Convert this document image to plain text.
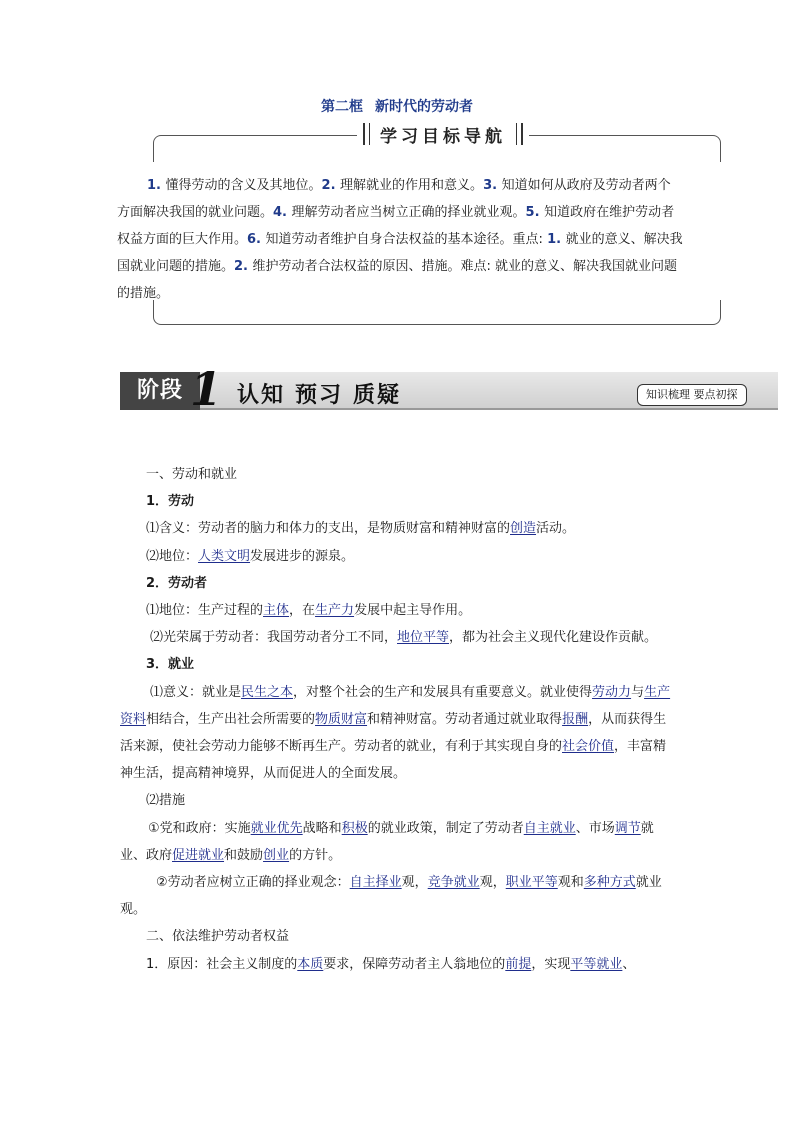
第二框 新时代的劳动者
学习目标导航
1. 懂得劳动的含义及其地位。2. 理解就业的作用和意义。3. 知道如何从政府及劳动者两个方面解决我国的就业问题。4. 理解劳动者应当树立正确的择业就业观。5. 知道政府在维护劳动者权益方面的巨大作用。6. 知道劳动者维护自身合法权益的基本途径。重点: 1. 就业的意义、解决我国就业问题的措施。2. 维护劳动者合法权益的原因、措施。难点: 就业的意义、解决我国就业问题的措施。
阶段 1 认知 预习 质疑	知识梳理 要点初探

一、劳动和就业

1．劳动

⑴含义：劳动者的脑力和体力的支出，是物质财富和精神财富的创造活动。

⑵地位：人类文明发展进步的源泉。

2．劳动者

⑴地位：生产过程的主体，在生产力发展中起主导作用。

⑵光荣属于劳动者：我国劳动者分工不同，地位平等，都为社会主义现代化建设作贡献。

3．就业

⑴意义：就业是民生之本，对整个社会的生产和发展具有重要意义。就业使得劳动力与生产资料相结合，生产出社会所需要的物质财富和精神财富。劳动者通过就业取得报酬，从而获得生活来源，使社会劳动力能够不断再生产。劳动者的就业，有利于其实现自身的社会价值，丰富精神生活，提高精神境界，从而促进人的全面发展。

⑵措施

①党和政府：实施就业优先战略和积极的就业政策，制定了劳动者自主就业、市场调节就业、政府促进就业和鼓励创业的方针。

②劳动者应树立正确的择业观念：自主择业观，竞争就业观，职业平等观和多种方式就业观。

二、依法维护劳动者权益

1．原因：社会主义制度的本质要求，保障劳动者主人翁地位的前提，实现平等就业、
